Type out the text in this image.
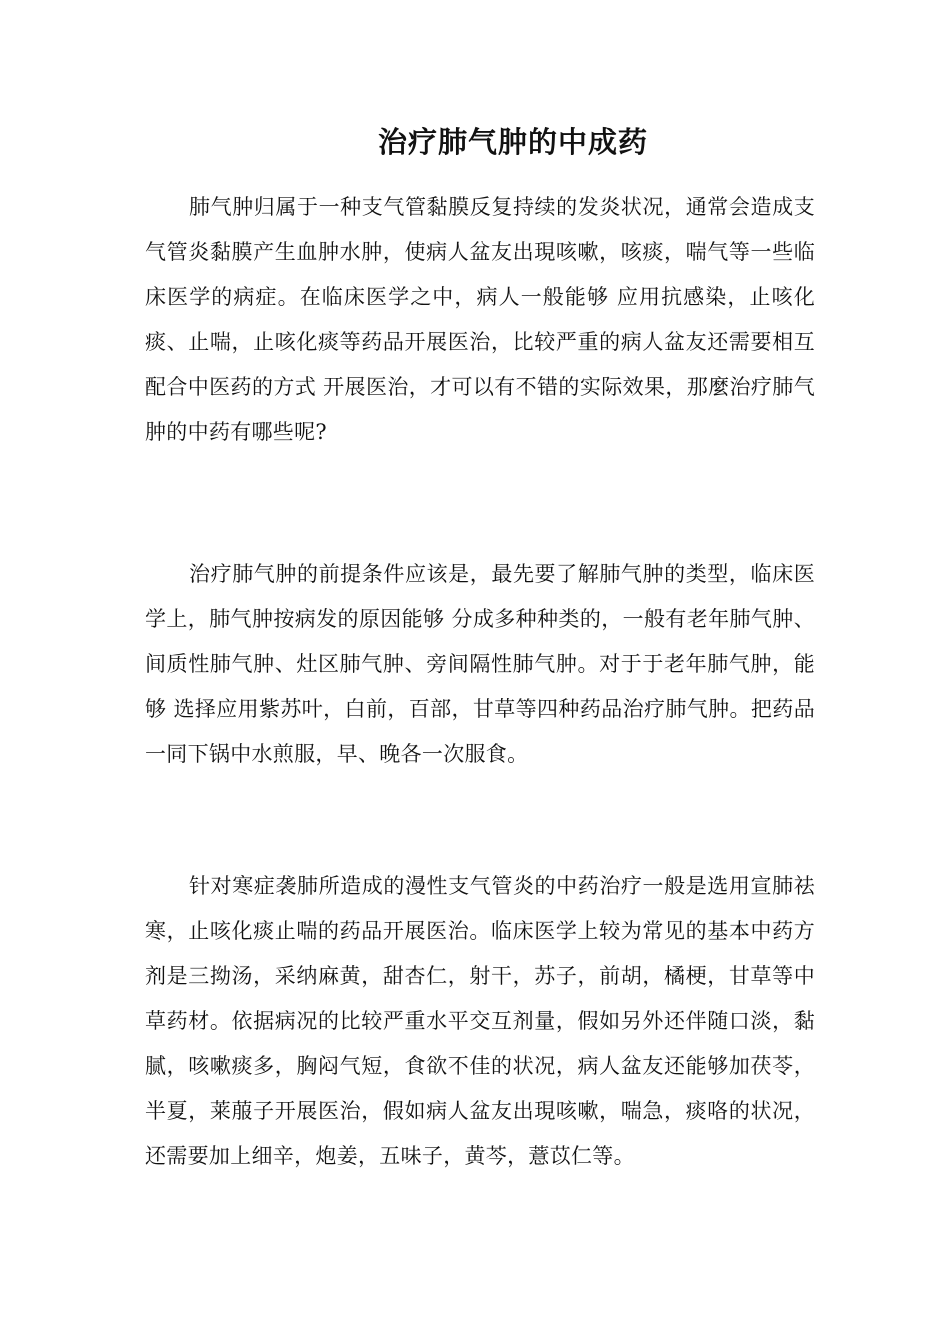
治疗肺气肿的中成药

肺气肿归属于一种支气管黏膜反复持续的发炎状况，通常会造成支气管炎黏膜产生血肿水肿，使病人盆友出現咳嗽，咳痰，喘气等一些临床医学的病症。在临床医学之中，病人一般能够 应用抗感染，止咳化痰、止喘，止咳化痰等药品开展医治，比较严重的病人盆友还需要相互配合中医药的方式 开展医治，才可以有不错的实际效果，那麼治疗肺气肿的中药有哪些呢?

治疗肺气肿的前提条件应该是，最先要了解肺气肿的类型，临床医学上，肺气肿按病发的原因能够 分成多种种类的，一般有老年肺气肿、间质性肺气肿、灶区肺气肿、旁间隔性肺气肿。对于于老年肺气肿，能够 选择应用紫苏叶，白前，百部，甘草等四种药品治疗肺气肿。把药品一同下锅中水煎服，早、晚各一次服食。

针对寒症袭肺所造成的漫性支气管炎的中药治疗一般是选用宣肺祛寒，止咳化痰止喘的药品开展医治。临床医学上较为常见的基本中药方剂是三拗汤，采纳麻黄，甜杏仁，射干，苏子，前胡，橘梗，甘草等中草药材。依据病况的比较严重水平交互剂量，假如另外还伴随口淡，黏腻，咳嗽痰多，胸闷气短，食欲不佳的状况，病人盆友还能够加茯苓，半夏，莱菔子开展医治，假如病人盆友出現咳嗽，喘急，痰咯的状况，还需要加上细辛，炮姜，五味子，黄芩，薏苡仁等。
